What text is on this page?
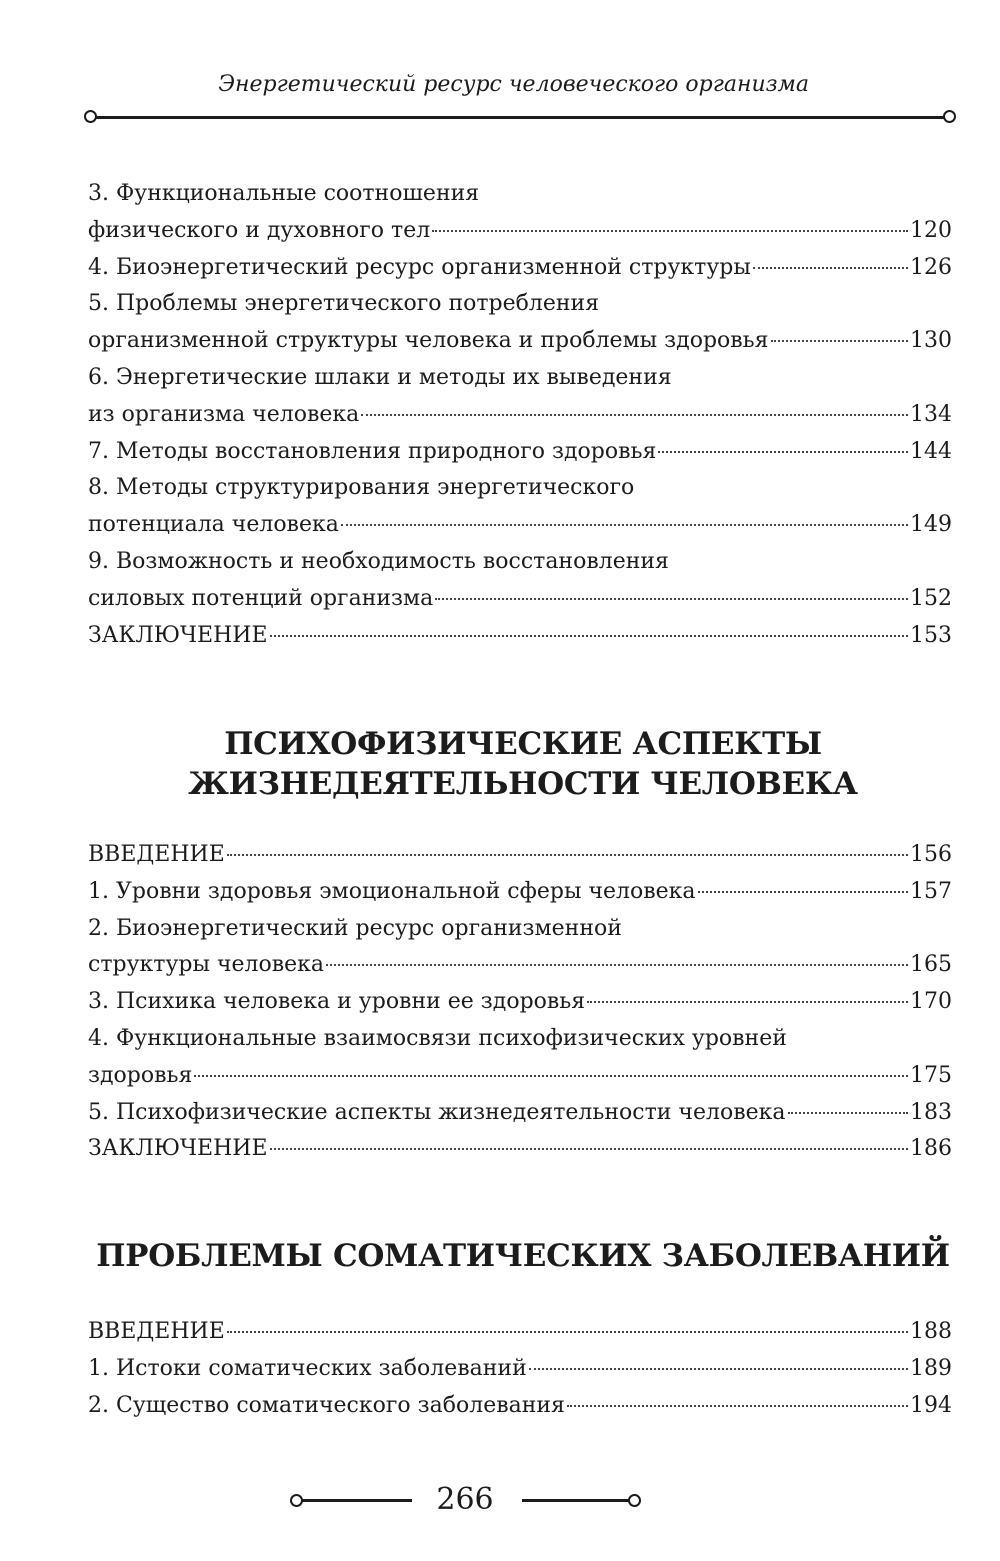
Энергетический ресурс человеческого организма
3. Функциональные соотношения
физического и духовного тел	120
4. Биоэнергетический ресурс организменной структуры	126
5. Проблемы энергетического потребления
организменной структуры человека и проблемы здоровья	130
6. Энергетические шлаки и методы их выведения
из организма человека	134
7. Методы восстановления природного здоровья	144
8. Методы структурирования энергетического
потенциала человека	149
9. Возможность и необходимость восстановления
силовых потенций организма	152
ЗАКЛЮЧЕНИЕ	153
ПСИХОФИЗИЧЕСКИЕ АСПЕКТЫ
ЖИЗНЕДЕЯТЕЛЬНОСТИ ЧЕЛОВЕКА
ВВЕДЕНИЕ	156
1. Уровни здоровья эмоциональной сферы человека	157
2. Биоэнергетический ресурс организменной
структуры человека	165
3. Психика человека и уровни ее здоровья	170
4. Функциональные взаимосвязи психофизических уровней
здоровья	175
5. Психофизические аспекты жизнедеятельности человека	183
ЗАКЛЮЧЕНИЕ	186
ПРОБЛЕМЫ СОМАТИЧЕСКИХ ЗАБОЛЕВАНИЙ
ВВЕДЕНИЕ	188
1. Истоки соматических заболеваний	189
2. Существо соматического заболевания	194
266
